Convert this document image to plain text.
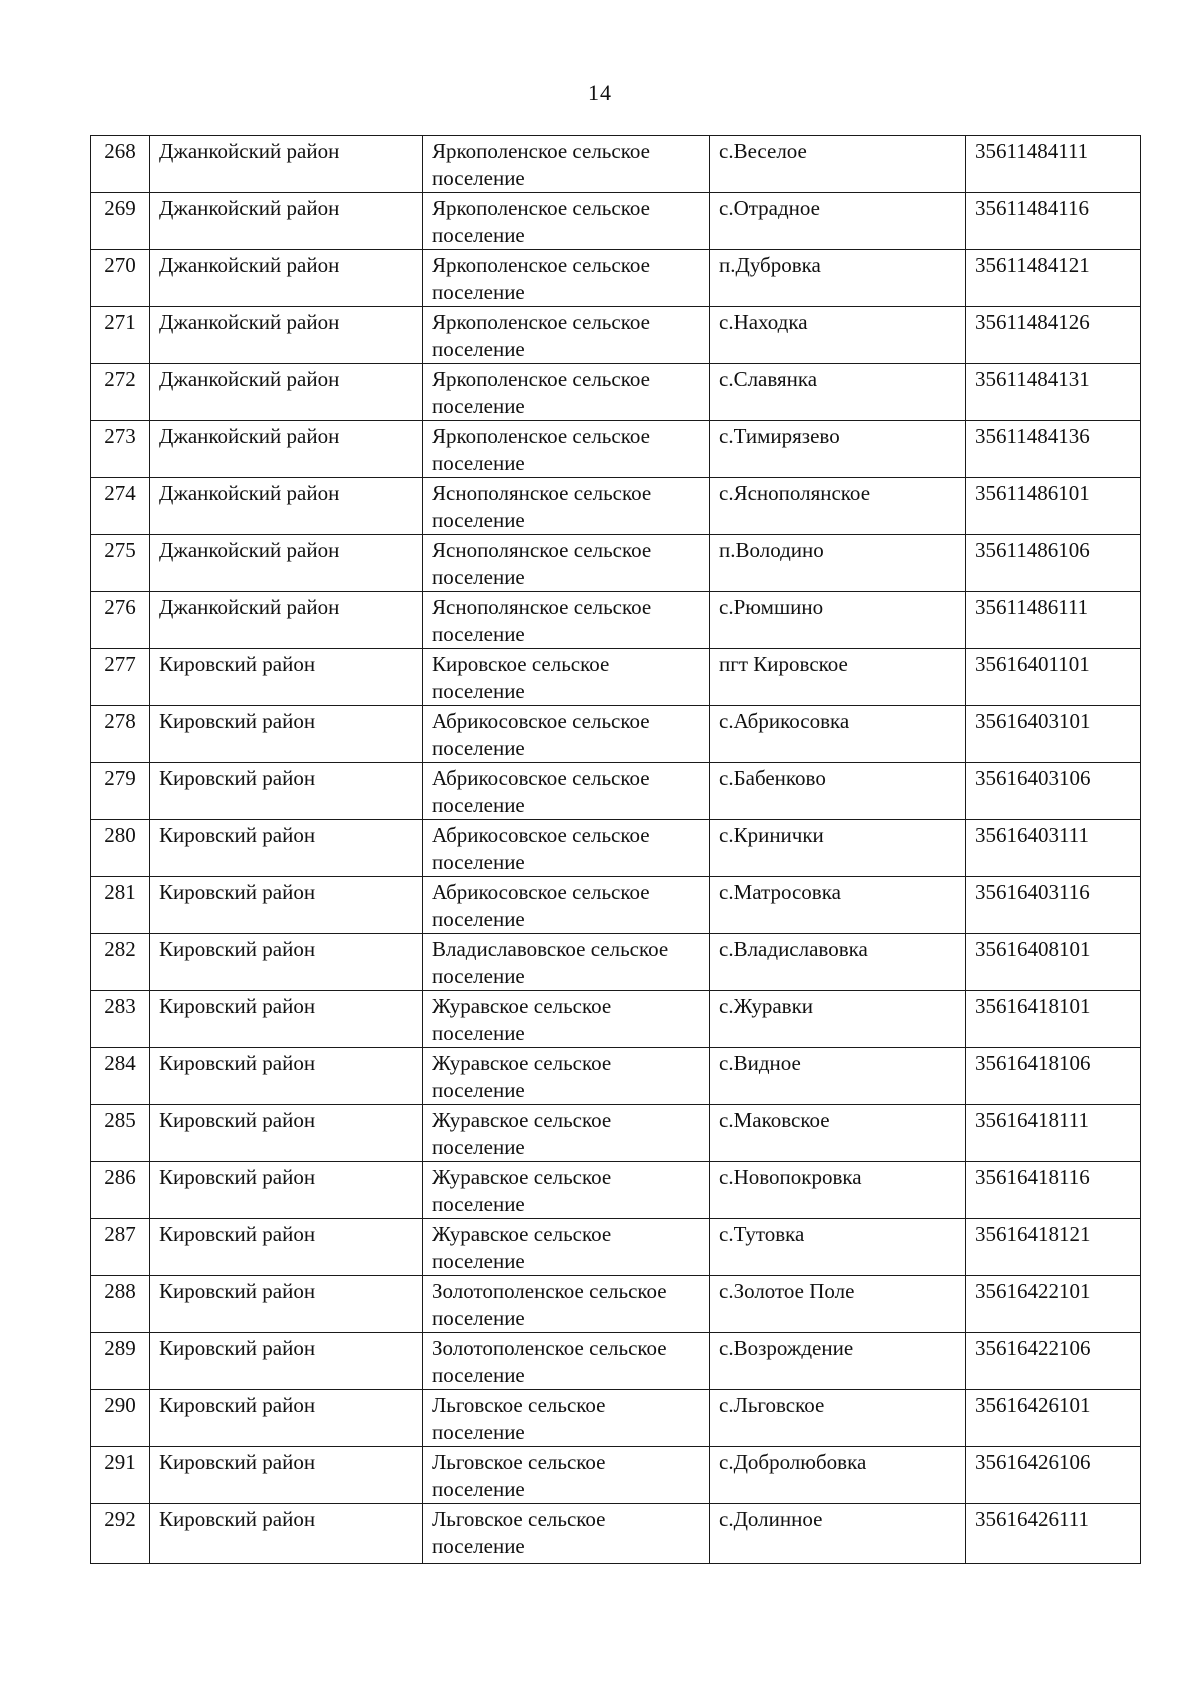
14
268	Джанкойский район	Яркополенское сельское поселение	с.Веселое	35611484111

269	Джанкойский район	Яркополенское сельское поселение	с.Отрадное	35611484116

270	Джанкойский район	Яркополенское сельское поселение	п.Дубровка	35611484121

271	Джанкойский район	Яркополенское сельское поселение	с.Находка	35611484126

272	Джанкойский район	Яркополенское сельское поселение	с.Славянка	35611484131

273	Джанкойский район	Яркополенское сельское поселение	с.Тимирязево	35611484136

274	Джанкойский район	Яснополянское сельское поселение	с.Яснополянское	35611486101

275	Джанкойский район	Яснополянское сельское поселение	п.Володино	35611486106

276	Джанкойский район	Яснополянское сельское поселение	с.Рюмшино	35611486111

277	Кировский район	Кировское сельское поселение	пгт Кировское	35616401101

278	Кировский район	Абрикосовское сельское поселение	с.Абрикосовка	35616403101

279	Кировский район	Абрикосовское сельское поселение	с.Бабенково	35616403106

280	Кировский район	Абрикосовское сельское поселение	с.Кринички	35616403111

281	Кировский район	Абрикосовское сельское поселение	с.Матросовка	35616403116

282	Кировский район	Владиславовское сельское поселение	с.Владиславовка	35616408101

283	Кировский район	Журавское сельское поселение	с.Журавки	35616418101

284	Кировский район	Журавское сельское поселение	с.Видное	35616418106

285	Кировский район	Журавское сельское поселение	с.Маковское	35616418111

286	Кировский район	Журавское сельское поселение	с.Новопокровка	35616418116

287	Кировский район	Журавское сельское поселение	с.Тутовка	35616418121

288	Кировский район	Золотополенское сельское поселение	с.Золотое Поле	35616422101

289	Кировский район	Золотополенское сельское поселение	с.Возрождение	35616422106

290	Кировский район	Льговское сельское поселение	с.Льговское	35616426101

291	Кировский район	Льговское сельское поселение	с.Добролюбовка	35616426106

292	Кировский район	Льговское сельское поселение	с.Долинное	35616426111
